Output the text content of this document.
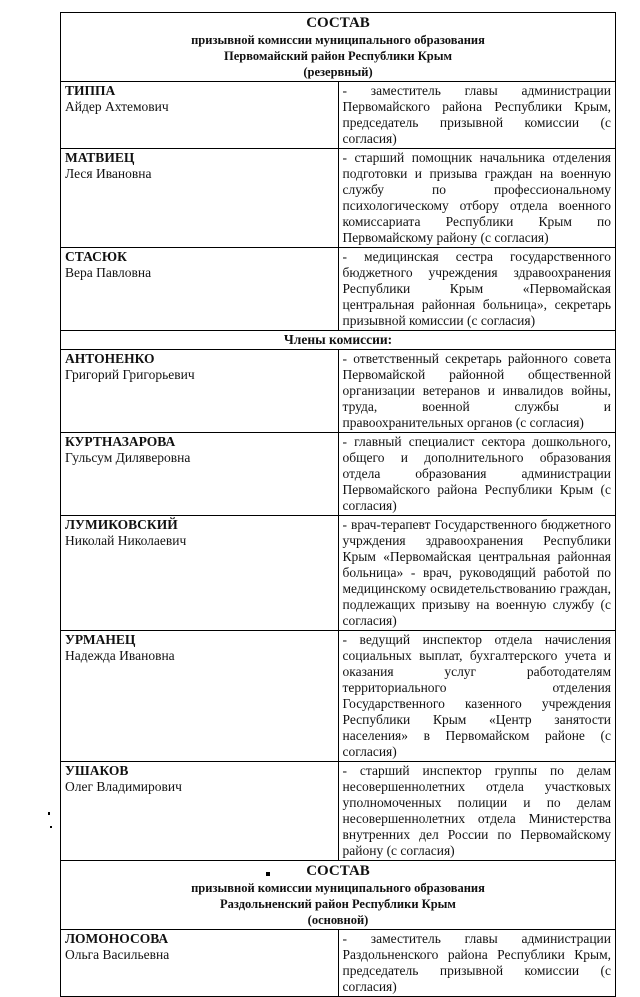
СОСТАВ
призывной комиссии муниципального образования
Первомайский район Республики Крым
(резервный)	

ТИППА
Айдер Ахтемович	- заместитель главы администрации Первомайского района Республики Крым, председатель призывной комиссии (с согласия)

МАТВИЕЦ
Леся Ивановна	- старший помощник начальника отделения подготовки и призыва граждан на военную службу по профессиональному психологическому отбору отдела военного комиссариата Республики Крым по Первомайскому району (с согласия)

СТАСЮК
Вера Павловна	- медицинская сестра государственного бюджетного учреждения здравоохранения Республики Крым «Первомайская центральная районная больница», секретарь призывной комиссии (с согласия)
Члены комиссии:	

АНТОНЕНКО
Григорий Григорьевич	- ответственный секретарь районного совета Первомайской районной общественной организации ветеранов и инвалидов войны, труда, военной службы и правоохранительных органов (с согласия)

КУРТНАЗАРОВА
Гульсум Диляверовна	- главный специалист сектора дошкольного, общего и дополнительного образования отдела образования администрации Первомайского района Республики Крым (с согласия)

ЛУМИКОВСКИЙ
Николай Николаевич	- врач-терапевт Государственного бюджетного учрждения здравоохранения Республики Крым «Первомайская центральная районная больница» - врач, руководящий работой по медицинскому освидетельствованию граждан, подлежащих призыву на военную службу (с согласия)

УРМАНЕЦ
Надежда Ивановна	- ведущий инспектор отдела начисления социальных выплат, бухгалтерского учета и оказания услуг работодателям территориального отделения Государственного казенного учреждения Республики Крым «Центр занятости населения» в Первомайском районе (с согласия)

УШАКОВ
Олег Владимирович	- старший инспектор группы по делам несовершеннолетних отдела участковых уполномоченных полиции и по делам несовершеннолетних отдела Министерства внутренних дел России по Первомайскому району (с согласия)

СОСТАВ
призывной комиссии муниципального образования
Раздольненский район Республики Крым
(основной)	

ЛОМОНОСОВА
Ольга Васильевна	- заместитель главы администрации Раздольненского района Республики Крым, председатель призывной комиссии (с согласия)
